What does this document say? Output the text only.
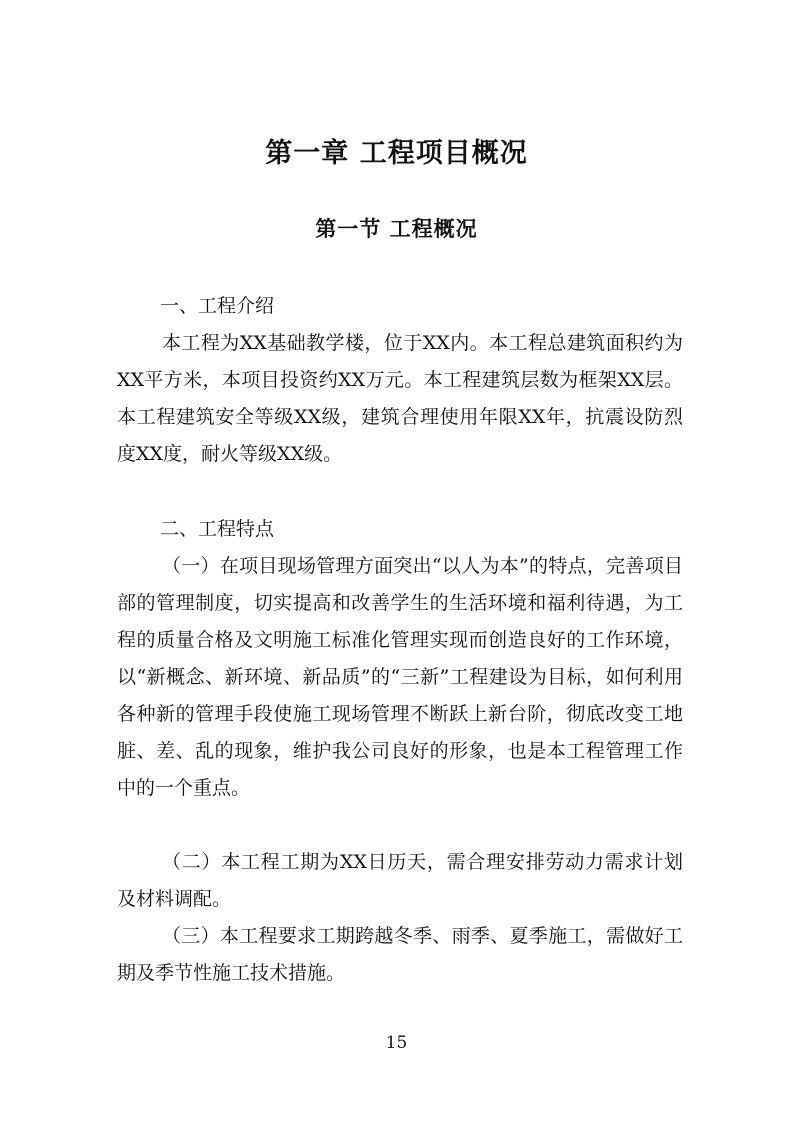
第一章 工程项目概况
第一节 工程概况

一、工程介绍

本工程为XX基础教学楼，位于XX内。本工程总建筑面积约为XX平方米，本项目投资约XX万元。本工程建筑层数为框架XX层。本工程建筑安全等级XX级，建筑合理使用年限XX年，抗震设防烈度XX度，耐火等级XX级。

二、工程特点

（一）在项目现场管理方面突出“以人为本”的特点，完善项目部的管理制度，切实提高和改善学生的生活环境和福利待遇，为工程的质量合格及文明施工标准化管理实现而创造良好的工作环境，以“新概念、新环境、新品质”的“三新”工程建设为目标，如何利用各种新的管理手段使施工现场管理不断跃上新台阶，彻底改变工地脏、差、乱的现象，维护我公司良好的形象，也是本工程管理工作中的一个重点。

（二）本工程工期为XX日历天，需合理安排劳动力需求计划及材料调配。

（三）本工程要求工期跨越冬季、雨季、夏季施工，需做好工期及季节性施工技术措施。

15
